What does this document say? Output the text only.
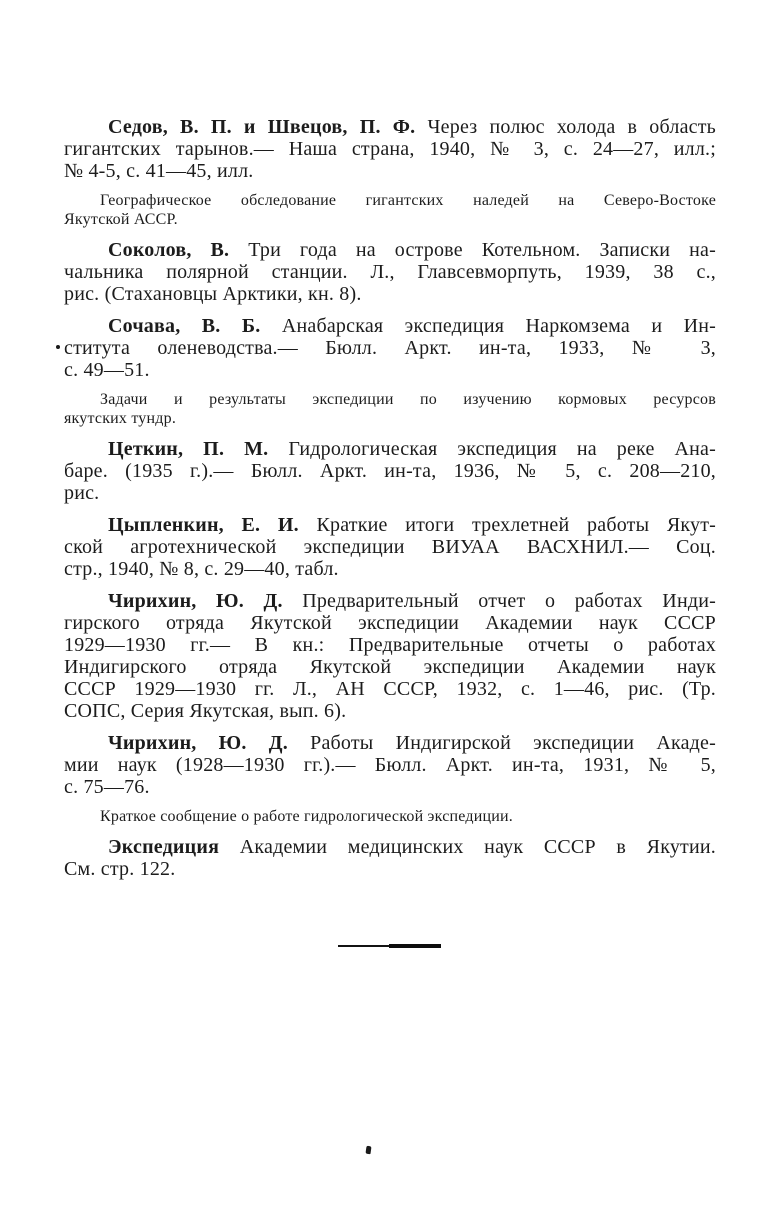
Седов, В. П. и Швецов, П. Ф. Через полюс холода в область
гигантских тарынов.— Наша страна, 1940, № 3, с. 24—27, илл.;
№ 4-5, с. 41—45, илл.
Географическое обследование гигантских наледей на Северо-Востоке
Якутской АССР.
Соколов, В. Три года на острове Котельном. Записки на-
чальника полярной станции. Л., Главсевморпуть, 1939, 38 с.,
рис. (Стахановцы Арктики, кн. 8).
Сочава, В. Б. Анабарская экспедиция Наркомзема и Ин-
ститута оленеводства.— Бюлл. Аркт. ин-та, 1933, № 3,
с. 49—51.
Задачи и результаты экспедиции по изучению кормовых ресурсов
якутских тундр.
Цеткин, П. М. Гидрологическая экспедиция на реке Ана-
баре. (1935 г.).— Бюлл. Аркт. ин-та, 1936, № 5, с. 208—210,
рис.
Цыпленкин, Е. И. Краткие итоги трехлетней работы Якут-
ской агротехнической экспедиции ВИУАА ВАСХНИЛ.— Соц.
стр., 1940, № 8, с. 29—40, табл.
Чирихин, Ю. Д. Предварительный отчет о работах Инди-
гирского отряда Якутской экспедиции Академии наук СССР
1929—1930 гг.— В кн.: Предварительные отчеты о работах
Индигирского отряда Якутской экспедиции Академии наук
СССР 1929—1930 гг. Л., АН СССР, 1932, с. 1—46, рис. (Тр.
СОПС, Серия Якутская, вып. 6).
Чирихин, Ю. Д. Работы Индигирской экспедиции Акаде-
мии наук (1928—1930 гг.).— Бюлл. Аркт. ин-та, 1931, № 5,
с. 75—76.
Краткое сообщение о работе гидрологической экспедиции.
Экспедиция Академии медицинских наук СССР в Якутии.
См. стр. 122.
